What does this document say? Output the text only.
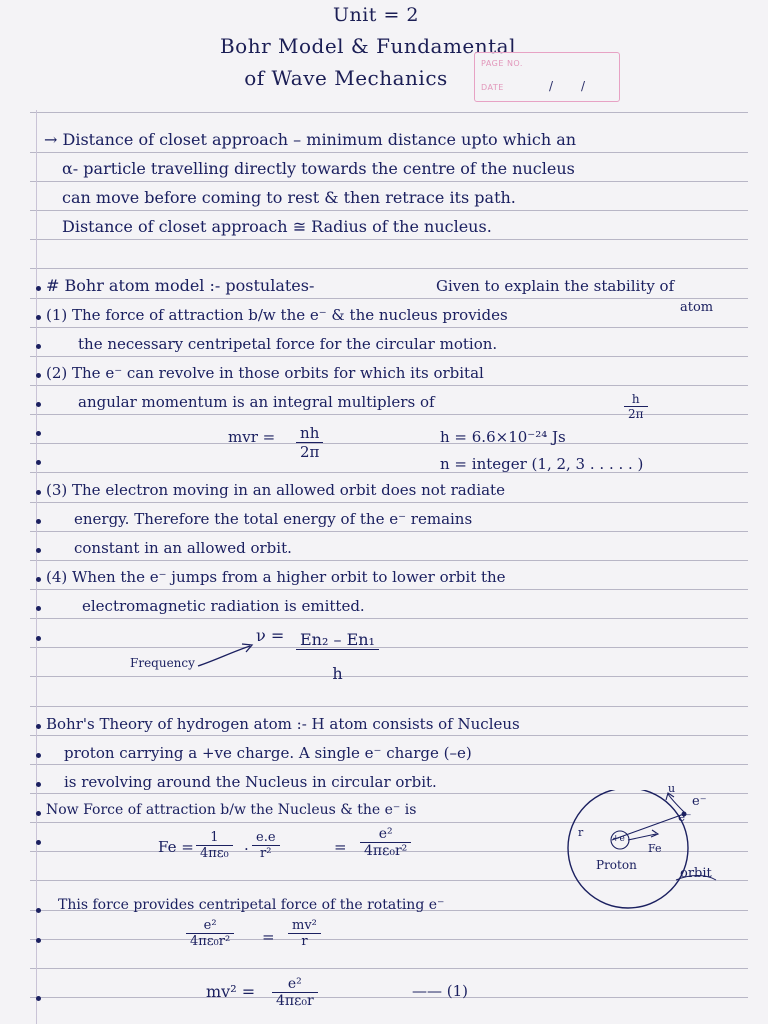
Unit = 2
Bohr Model & Fundamental
of Wave Mechanics
PAGE NO.
DATE	/ /
→ Distance of closet approach – minimum distance upto which an
α- particle travelling directly towards the centre of the nucleus
can move before coming to rest & then retrace its path.
Distance of closet approach ≅ Radius of the nucleus.
# Bohr atom model :- postulates-	Given to explain the stability of
atom
(1) The force of attraction b/w the e⁻ & the nucleus provides
the necessary centripetal force for the circular motion.
(2) The e⁻ can revolve in those orbits for which its orbital
angular momentum is an integral multiplers of	$\frac{h}{2\pi}$
mvr = $\frac{nh}{2\pi}$	h = 6.6×10⁻²⁴ Js
n = integer (1, 2, 3 . . . . . )
(3) The electron moving in an allowed orbit does not radiate
energy. Therefore the total energy of the e⁻ remains
constant in an allowed orbit.
(4) When the e⁻ jumps from a higher orbit to lower orbit the
electromagnetic radiation is emitted.
Frequency
$\nu = \frac{\text{En₂ – En₁}}{h}$
Bohr's Theory of hydrogen atom :- H atom consists of Nucleus
proton carrying a +ve charge. A single e⁻ charge (–e)
is revolving around the Nucleus in circular orbit.
Now Force of attraction b/w the Nucleus & the e⁻ is
$Fe = \frac{1}{\text{4πε₀}}$ . $\frac{e.e}{\text{r²}}$	= $\frac{\text{e²}}{\text{4πε₀r²}}$
This force provides centripetal force of the rotating e⁻
$\frac{\text{e²}}{\text{4πε₀r²}} = \frac{\text{mv²}}{r}$
$mv^2 = \frac{\text{e²}}{\text{4πε₀r}}$	—— (1)
r	+e
Proton
Fe
e⁻
u
e⁻
orbit
